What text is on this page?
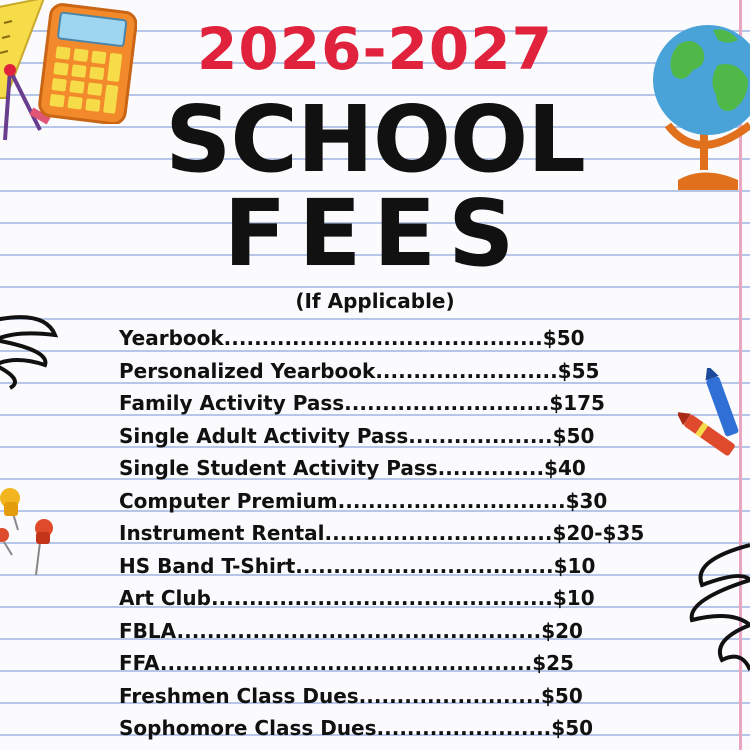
2026-2027
SCHOOL
FEES
(If Applicable)
Yearbook..........................................$50
Personalized Yearbook........................$55
Family Activity Pass...........................$175
Single Adult Activity Pass...................$50
Single Student Activity Pass..............$40
Computer Premium..............................$30
Instrument Rental..............................$20-$35
HS Band T-Shirt..................................$10
Art Club.............................................$10
FBLA................................................$20
FFA.................................................$25
Freshmen Class Dues........................$50
Sophomore Class Dues.......................$50
